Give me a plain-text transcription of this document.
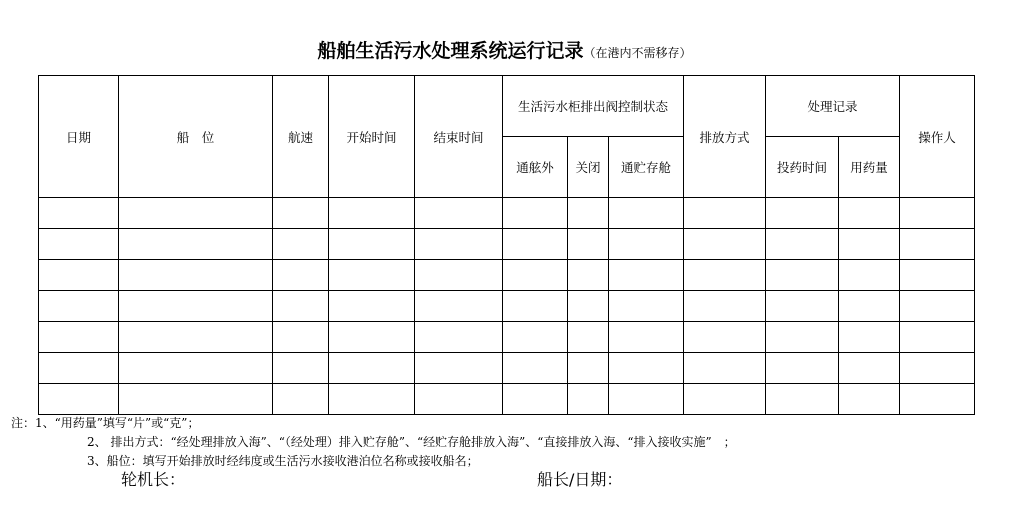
船舶生活污水处理系统运行记录（在港内不需移存）
日期	船　位	航速	开始时间	结束时间	生活污水柜排出阀控制状态			排放方式	处理记录		操作人
					通舷外	关闭	通贮存舱		投药时间	用药量	

注：1、“用药量”填写“片”或“克”；
2、 排出方式：“经处理排放入海”、“（经处理）排入贮存舱”、“经贮存舱排放入海”、“直接排放入海、“排入接收实施”　；
3、船位：填写开始排放时经纬度或生活污水接收港泊位名称或接收船名；
轮机长：	船长/日期：
